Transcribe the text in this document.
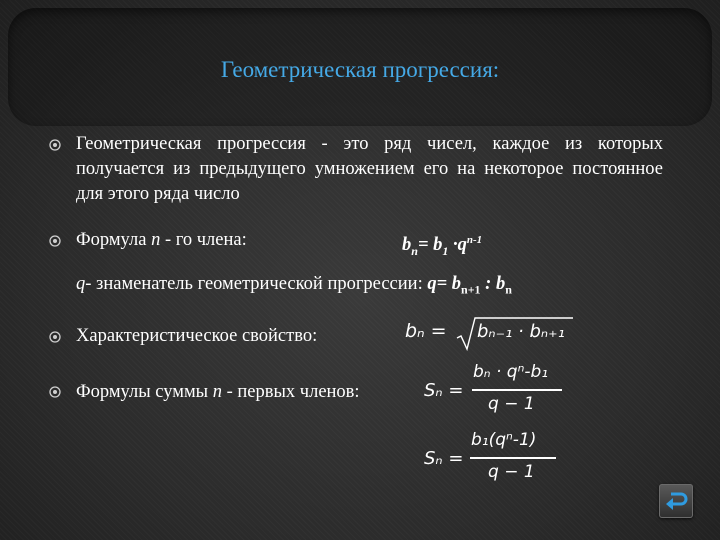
Геометрическая прогрессия:
Геометрическая прогрессия - это ряд чисел, каждое из которых получается из предыдущего умножением его на некоторое постоянное для этого ряда число
Формула n - го члена:	$b_n= b_1 \cdot q^{n-1}$
q- знаменатель геометрической прогрессии: $q= b_{n+1}$ : $b_n$
Характеристическое свойство:	bₙ = bₙ₋₁ · bₙ₊₁
Формулы суммы n - первых членов:	Sₙ =
bₙ · qⁿ-b₁
q − 1
Sₙ =
b₁(qⁿ-1)
q − 1
